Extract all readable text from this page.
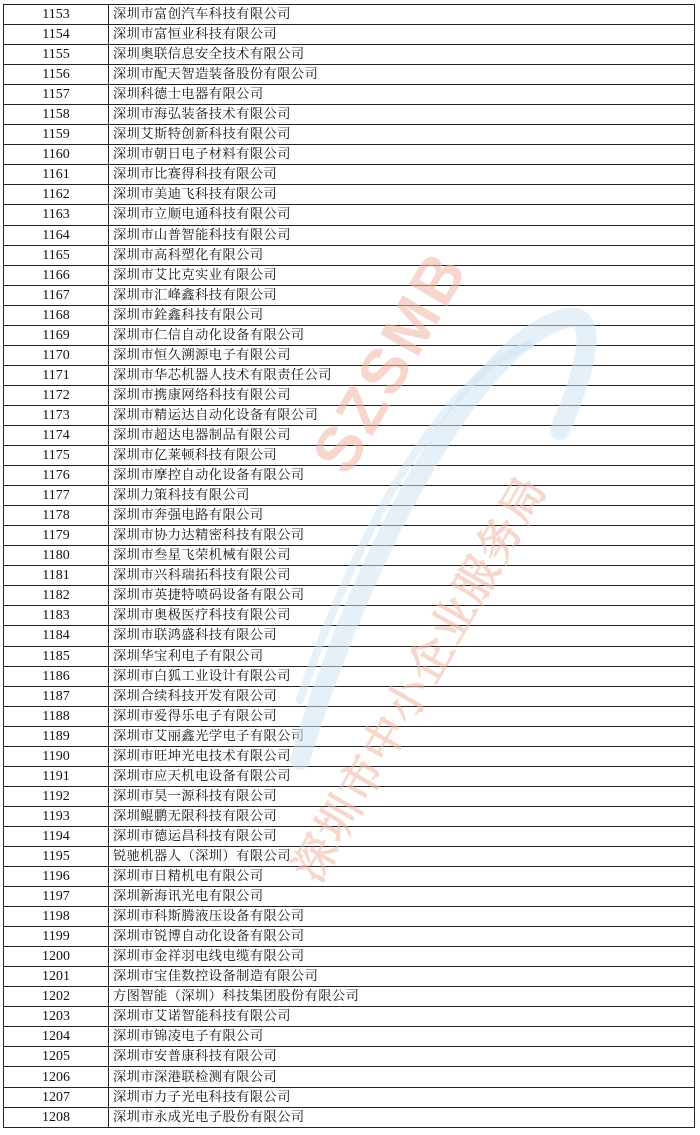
1153	深圳市富创汽车科技有限公司
1154	深圳市富恒业科技有限公司
1155	深圳奥联信息安全技术有限公司
1156	深圳市配天智造装备股份有限公司
1157	深圳科德士电器有限公司
1158	深圳市海弘装备技术有限公司
1159	深圳艾斯特创新科技有限公司
1160	深圳市朝日电子材料有限公司
1161	深圳市比赛得科技有限公司
1162	深圳市美迪飞科技有限公司
1163	深圳市立顺电通科技有限公司
1164	深圳市山普智能科技有限公司
1165	深圳市高科塑化有限公司
1166	深圳市艾比克实业有限公司
1167	深圳市汇峰鑫科技有限公司
1168	深圳市銓鑫科技有限公司
1169	深圳市仁信自动化设备有限公司
1170	深圳市恒久溯源电子有限公司
1171	深圳市华芯机器人技术有限责任公司
1172	深圳市携康网络科技有限公司
1173	深圳市精运达自动化设备有限公司
1174	深圳市超达电器制品有限公司
1175	深圳市亿莱顿科技有限公司
1176	深圳市摩控自动化设备有限公司
1177	深圳力策科技有限公司
1178	深圳市奔强电路有限公司
1179	深圳市协力达精密科技有限公司
1180	深圳市叁星飞荣机械有限公司
1181	深圳市兴科瑞拓科技有限公司
1182	深圳市英捷特喷码设备有限公司
1183	深圳市奥极医疗科技有限公司
1184	深圳市联鸿盛科技有限公司
1185	深圳华宝利电子有限公司
1186	深圳市白狐工业设计有限公司
1187	深圳合续科技开发有限公司
1188	深圳市爱得乐电子有限公司
1189	深圳市艾丽鑫光学电子有限公司
1190	深圳市旺坤光电技术有限公司
1191	深圳市应天机电设备有限公司
1192	深圳市昊一源科技有限公司
1193	深圳鲲鹏无限科技有限公司
1194	深圳市德运昌科技有限公司
1195	锐驰机器人（深圳）有限公司
1196	深圳市日精机电有限公司
1197	深圳新海讯光电有限公司
1198	深圳市科斯腾液压设备有限公司
1199	深圳市锐博自动化设备有限公司
1200	深圳市金祥羽电线电缆有限公司
1201	深圳市宝佳数控设备制造有限公司
1202	方图智能（深圳）科技集团股份有限公司
1203	深圳市艾诺智能科技有限公司
1204	深圳市锦凌电子有限公司
1205	深圳市安普康科技有限公司
1206	深圳市深港联检测有限公司
1207	深圳市力子光电科技有限公司
1208	深圳市永成光电子股份有限公司
SZSMB
深圳市中小企业服务局
